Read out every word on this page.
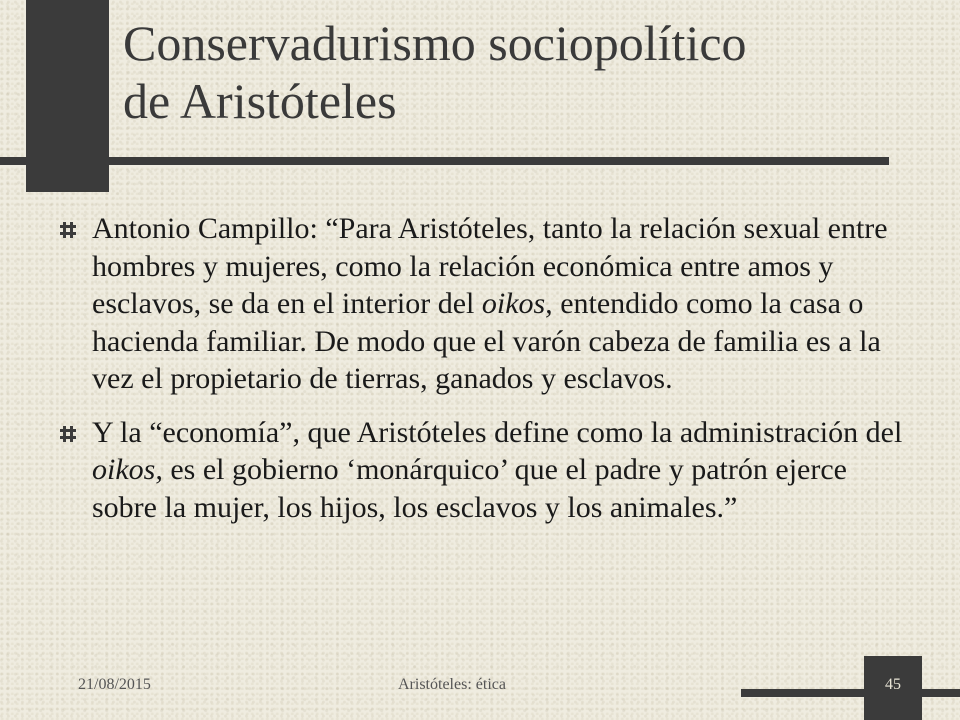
Conservadurismo sociopolítico
de Aristóteles

Antonio Campillo: “Para Aristóteles, tanto la relación sexual entre hombres y mujeres, como la relación económica entre amos y esclavos, se da en el interior del oikos, entendido como la casa o hacienda familiar. De modo que el varón cabeza de familia es a la vez el propietario de tierras, ganados y esclavos.

Y la “economía”, que Aristóteles define como la administración del oikos, es el gobierno ‘monárquico’ que el padre y patrón ejerce sobre la mujer, los hijos, los esclavos y los animales.”

21/08/2015	Aristóteles: ética	45
